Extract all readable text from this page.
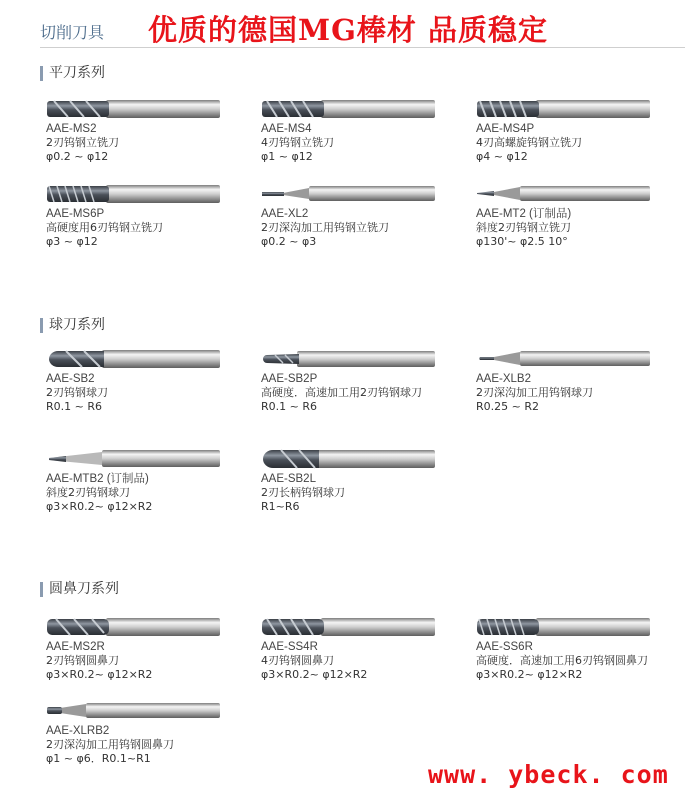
切削刀具 优质的德国MG棒材 品质稳定
平刀系列
AAE-MS2
2刃钨钢立铣刀
φ0.2 ~ φ12
AAE-MS4
4刃钨钢立铣刀
φ1 ~ φ12
AAE-MS4P
4刃高螺旋钨钢立铣刀
φ4 ~ φ12
AAE-MS6P
高硬度用6刃钨钢立铣刀
φ3 ~ φ12
AAE-XL2
2刃深沟加工用钨钢立铣刀
φ0.2 ~ φ3
AAE-MT2 (订制品)
斜度2刃钨钢立铣刀
φ130'~ φ2.5 10°
球刀系列
AAE-SB2
2刃钨钢球刀
R0.1 ~ R6
AAE-SB2P
高硬度．高速加工用2刃钨钢球刀
R0.1 ~ R6
AAE-XLB2
2刃深沟加工用钨钢球刀
R0.25 ~ R2
AAE-MTB2 (订制品)
斜度2刃钨钢球刀
φ3×R0.2~ φ12×R2
AAE-SB2L
2刃长柄钨钢球刀
R1~R6
圆鼻刀系列
AAE-MS2R
2刃钨钢圆鼻刀
φ3×R0.2~ φ12×R2
AAE-SS4R
4刃钨钢圆鼻刀
φ3×R0.2~ φ12×R2
AAE-SS6R
高硬度．高速加工用6刃钨钢圆鼻刀
φ3×R0.2~ φ12×R2
AAE-XLRB2
2刃深沟加工用钨钢圆鼻刀
φ1 ~ φ6．R0.1~R1
www. ybeck. com
